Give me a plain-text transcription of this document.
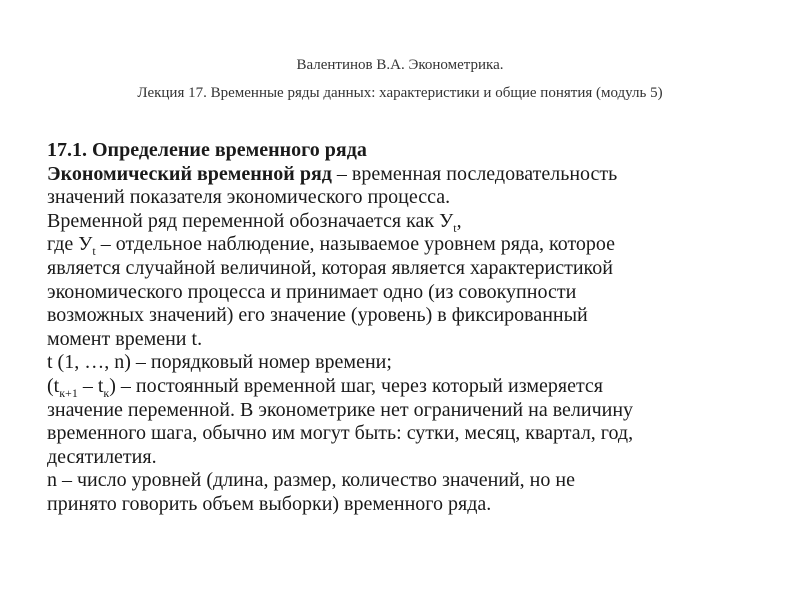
Валентинов В.А. Эконометрика.
Лекция 17. Временные ряды данных: характеристики и общие понятия (модуль 5)
17.1. Определение временного ряда
Экономический временной ряд – временная последовательность
значений показателя экономического процесса.
Временной ряд переменной обозначается как $У_t$,
где $У_t$ – отдельное наблюдение, называемое уровнем ряда, которое
является случайной величиной, которая является характеристикой
экономического процесса и принимает одно (из совокупности
возможных значений) его значение (уровень) в фиксированный
момент времени t.
t (1, …, n) – порядковый номер времени;
$(t_{к+1} - t_к)$ – постоянный временной шаг, через который измеряется
значение переменной. В эконометрике нет ограничений на величину
временного шага, обычно им могут быть: сутки, месяц, квартал, год,
десятилетия.
n – число уровней (длина, размер, количество значений, но не
принято говорить объем выборки) временного ряда.
